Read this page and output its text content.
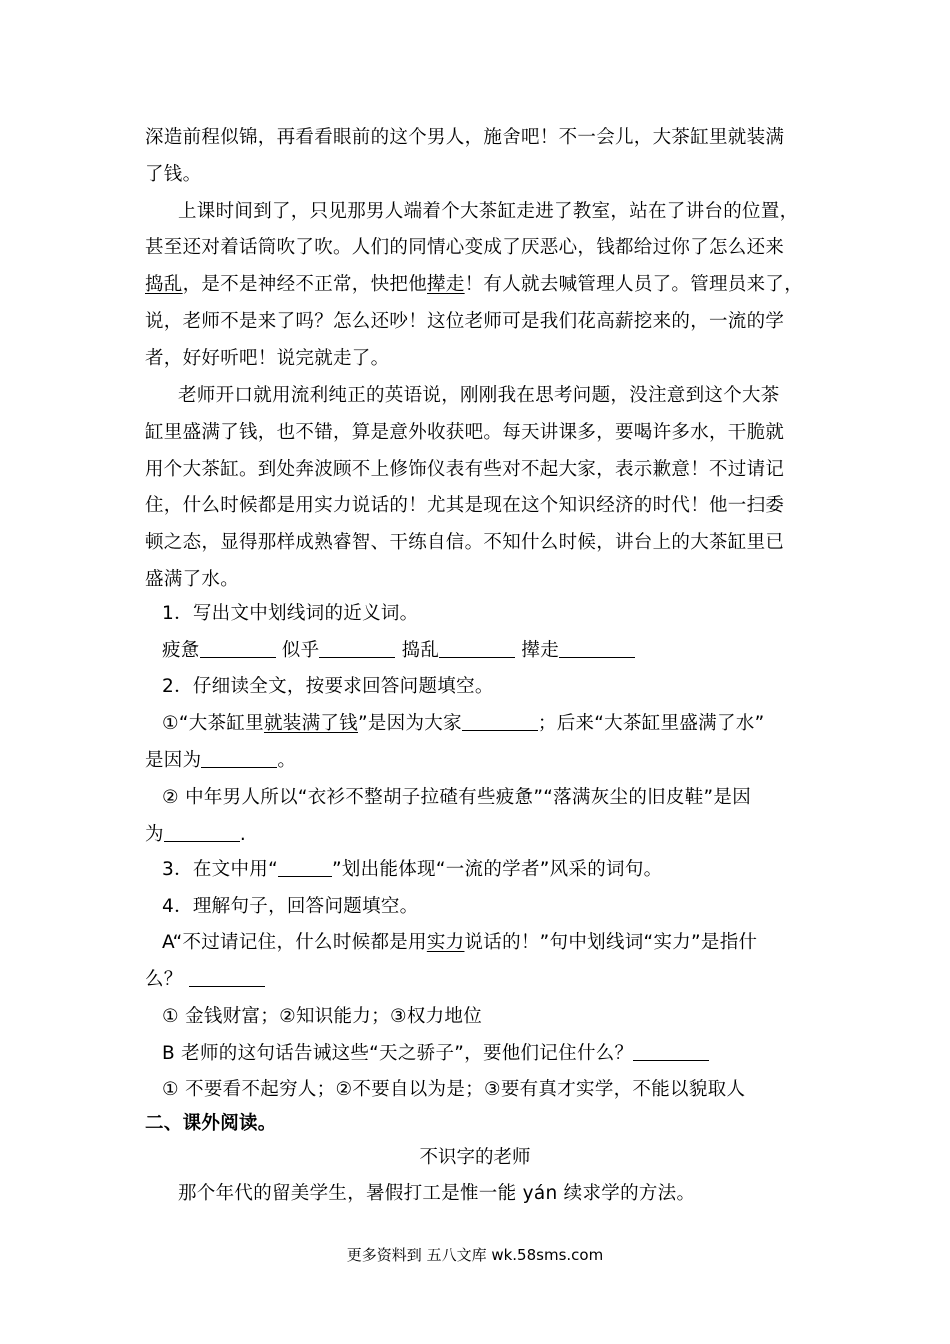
深造前程似锦，再看看眼前的这个男人，施舍吧！不一会儿，大茶缸里就装满
了钱。
上课时间到了，只见那男人端着个大茶缸走进了教室，站在了讲台的位置，
甚至还对着话筒吹了吹。人们的同情心变成了厌恶心，钱都给过你了怎么还来
捣乱，是不是神经不正常，快把他撵走！有人就去喊管理人员了。管理员来了，
说，老师不是来了吗？怎么还吵！这位老师可是我们花高薪挖来的，一流的学
者，好好听吧！说完就走了。
老师开口就用流利纯正的英语说，刚刚我在思考问题，没注意到这个大茶
缸里盛满了钱，也不错，算是意外收获吧。每天讲课多，要喝许多水，干脆就
用个大茶缸。到处奔波顾不上修饰仪表有些对不起大家，表示歉意！不过请记
住，什么时候都是用实力说话的！尤其是现在这个知识经济的时代！他一扫委
顿之态，显得那样成熟睿智、干练自信。不知什么时候，讲台上的大茶缸里已
盛满了水。
1．写出文中划线词的近义词。
疲惫	似乎	捣乱	撵走
2．仔细读全文，按要求回答问题填空。
①“大茶缸里就装满了钱”是因为大家	；后来“大茶缸里盛满了水”
是因为	。
② 中年男人所以“衣衫不整胡子拉碴有些疲惫”“落满灰尘的旧皮鞋”是因
为	.
3．在文中用“	”划出能体现“一流的学者”风采的词句。
4．理解句子，回答问题填空。
A“不过请记住，什么时候都是用实力说话的！”句中划线词“实力”是指什
么？
① 金钱财富；②知识能力；③权力地位
B 老师的这句话告诫这些“天之骄子”，要他们记住什么？
① 不要看不起穷人；②不要自以为是；③要有真才实学，不能以貌取人
二、课外阅读。
不识字的老师
那个年代的留美学生，暑假打工是惟一能 yán 续求学的方法。
更多资料到 五八文库 wk.58sms.com
